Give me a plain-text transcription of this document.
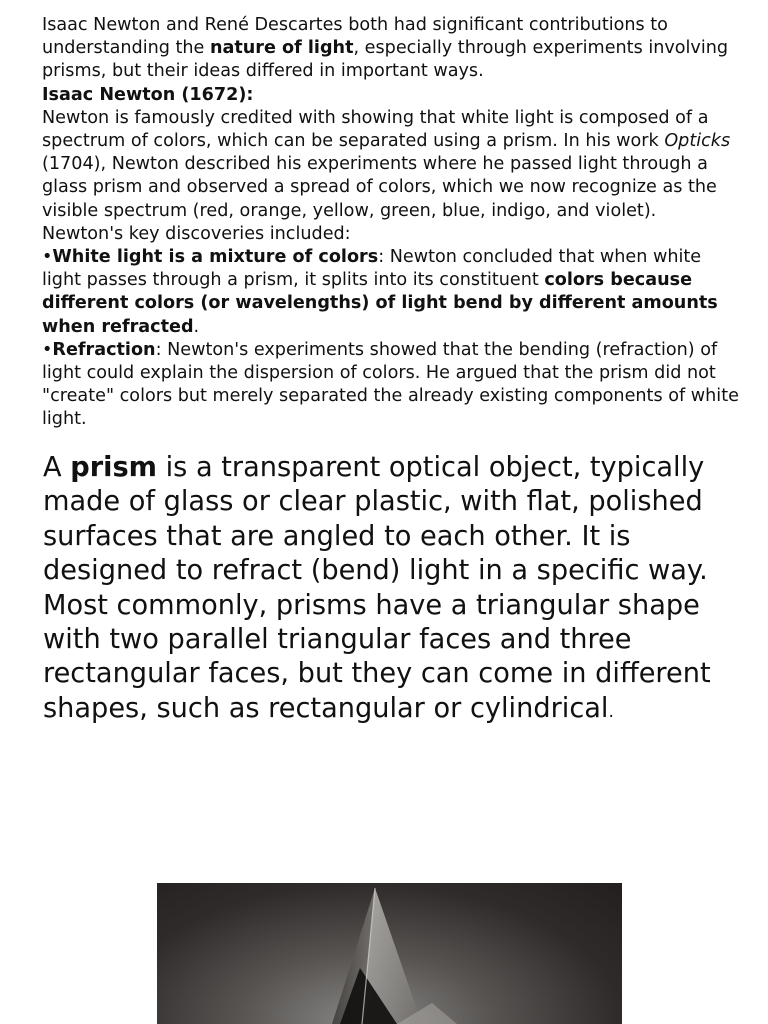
Isaac Newton and René Descartes both had significant contributions to understanding the nature of light, especially through experiments involving prisms, but their ideas differed in important ways.

Isaac Newton (1672):

Newton is famously credited with showing that white light is composed of a spectrum of colors, which can be separated using a prism. In his work Opticks (1704), Newton described his experiments where he passed light through a glass prism and observed a spread of colors, which we now recognize as the visible spectrum (red, orange, yellow, green, blue, indigo, and violet).

Newton's key discoveries included:

•White light is a mixture of colors: Newton concluded that when white light passes through a prism, it splits into its constituent colors because different colors (or wavelengths) of light bend by different amounts when refracted.

•Refraction: Newton's experiments showed that the bending (refraction) of light could explain the dispersion of colors. He argued that the prism did not "create" colors but merely separated the already existing components of white light.

A prism is a transparent optical object, typically made of glass or clear plastic, with flat, polished surfaces that are angled to each other. It is designed to refract (bend) light in a specific way. Most commonly, prisms have a triangular shape with two parallel triangular faces and three rectangular faces, but they can come in different shapes, such as rectangular or cylindrical.
